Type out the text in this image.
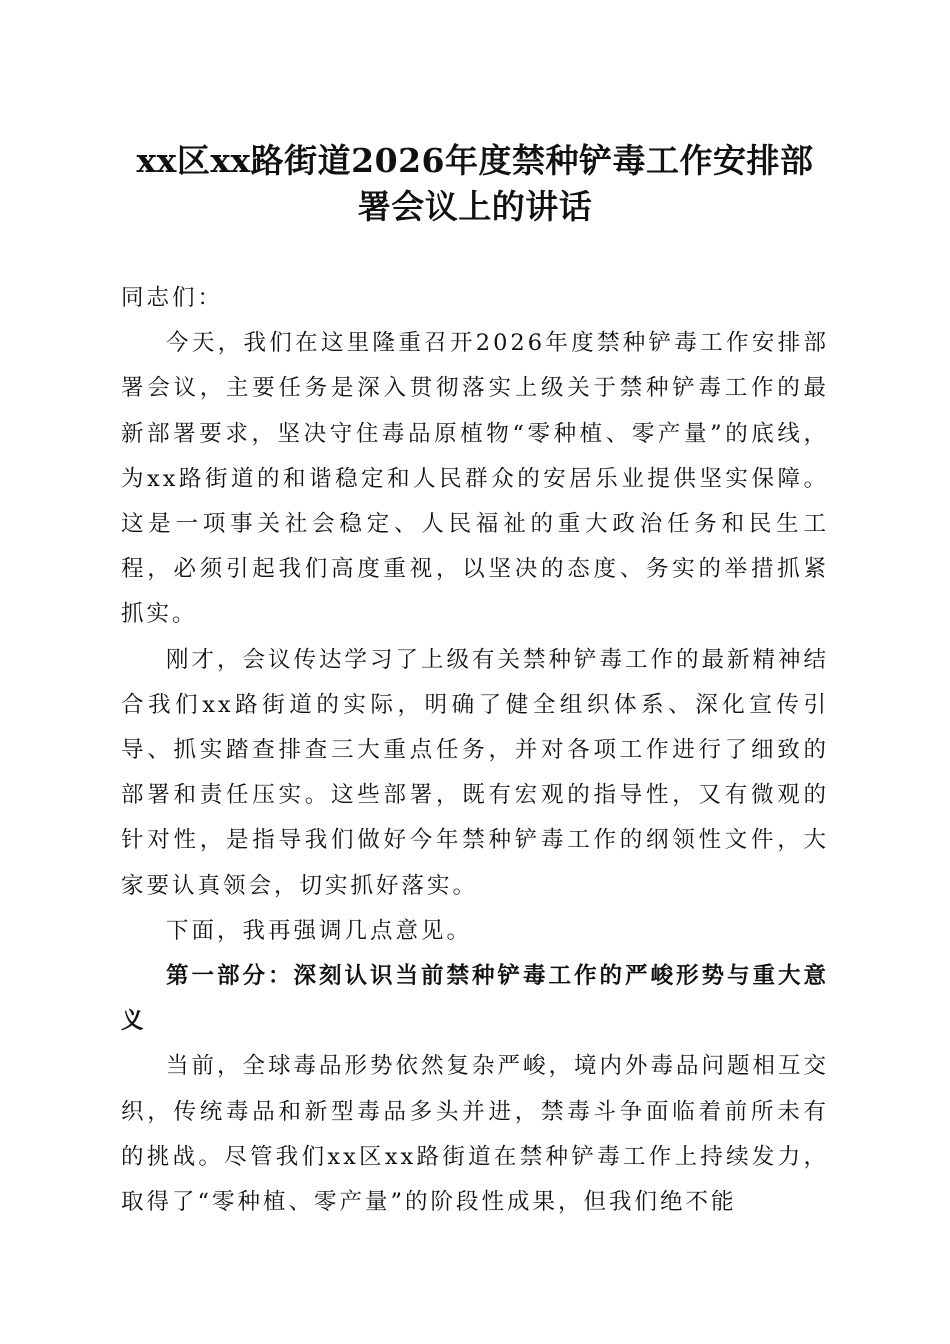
xx区xx路街道2026年度禁种铲毒工作安排部
署会议上的讲话

同志们：

今天，我们在这里隆重召开2026年度禁种铲毒工作安排部署会议，主要任务是深入贯彻落实上级关于禁种铲毒工作的最新部署要求，坚决守住毒品原植物“零种植、零产量”的底线，为xx路街道的和谐稳定和人民群众的安居乐业提供坚实保障。这是一项事关社会稳定、人民福祉的重大政治任务和民生工程，必须引起我们高度重视，以坚决的态度、务实的举措抓紧抓实。

刚才，会议传达学习了上级有关禁种铲毒工作的最新精神结合我们xx路街道的实际，明确了健全组织体系、深化宣传引导、抓实踏查排查三大重点任务，并对各项工作进行了细致的部署和责任压实。这些部署，既有宏观的指导性，又有微观的针对性，是指导我们做好今年禁种铲毒工作的纲领性文件，大家要认真领会，切实抓好落实。

下面，我再强调几点意见。

第一部分：深刻认识当前禁种铲毒工作的严峻形势与重大意义

当前，全球毒品形势依然复杂严峻，境内外毒品问题相互交织，传统毒品和新型毒品多头并进，禁毒斗争面临着前所未有的挑战。尽管我们xx区xx路街道在禁种铲毒工作上持续发力，取得了“零种植、零产量”的阶段性成果，但我们绝不能
